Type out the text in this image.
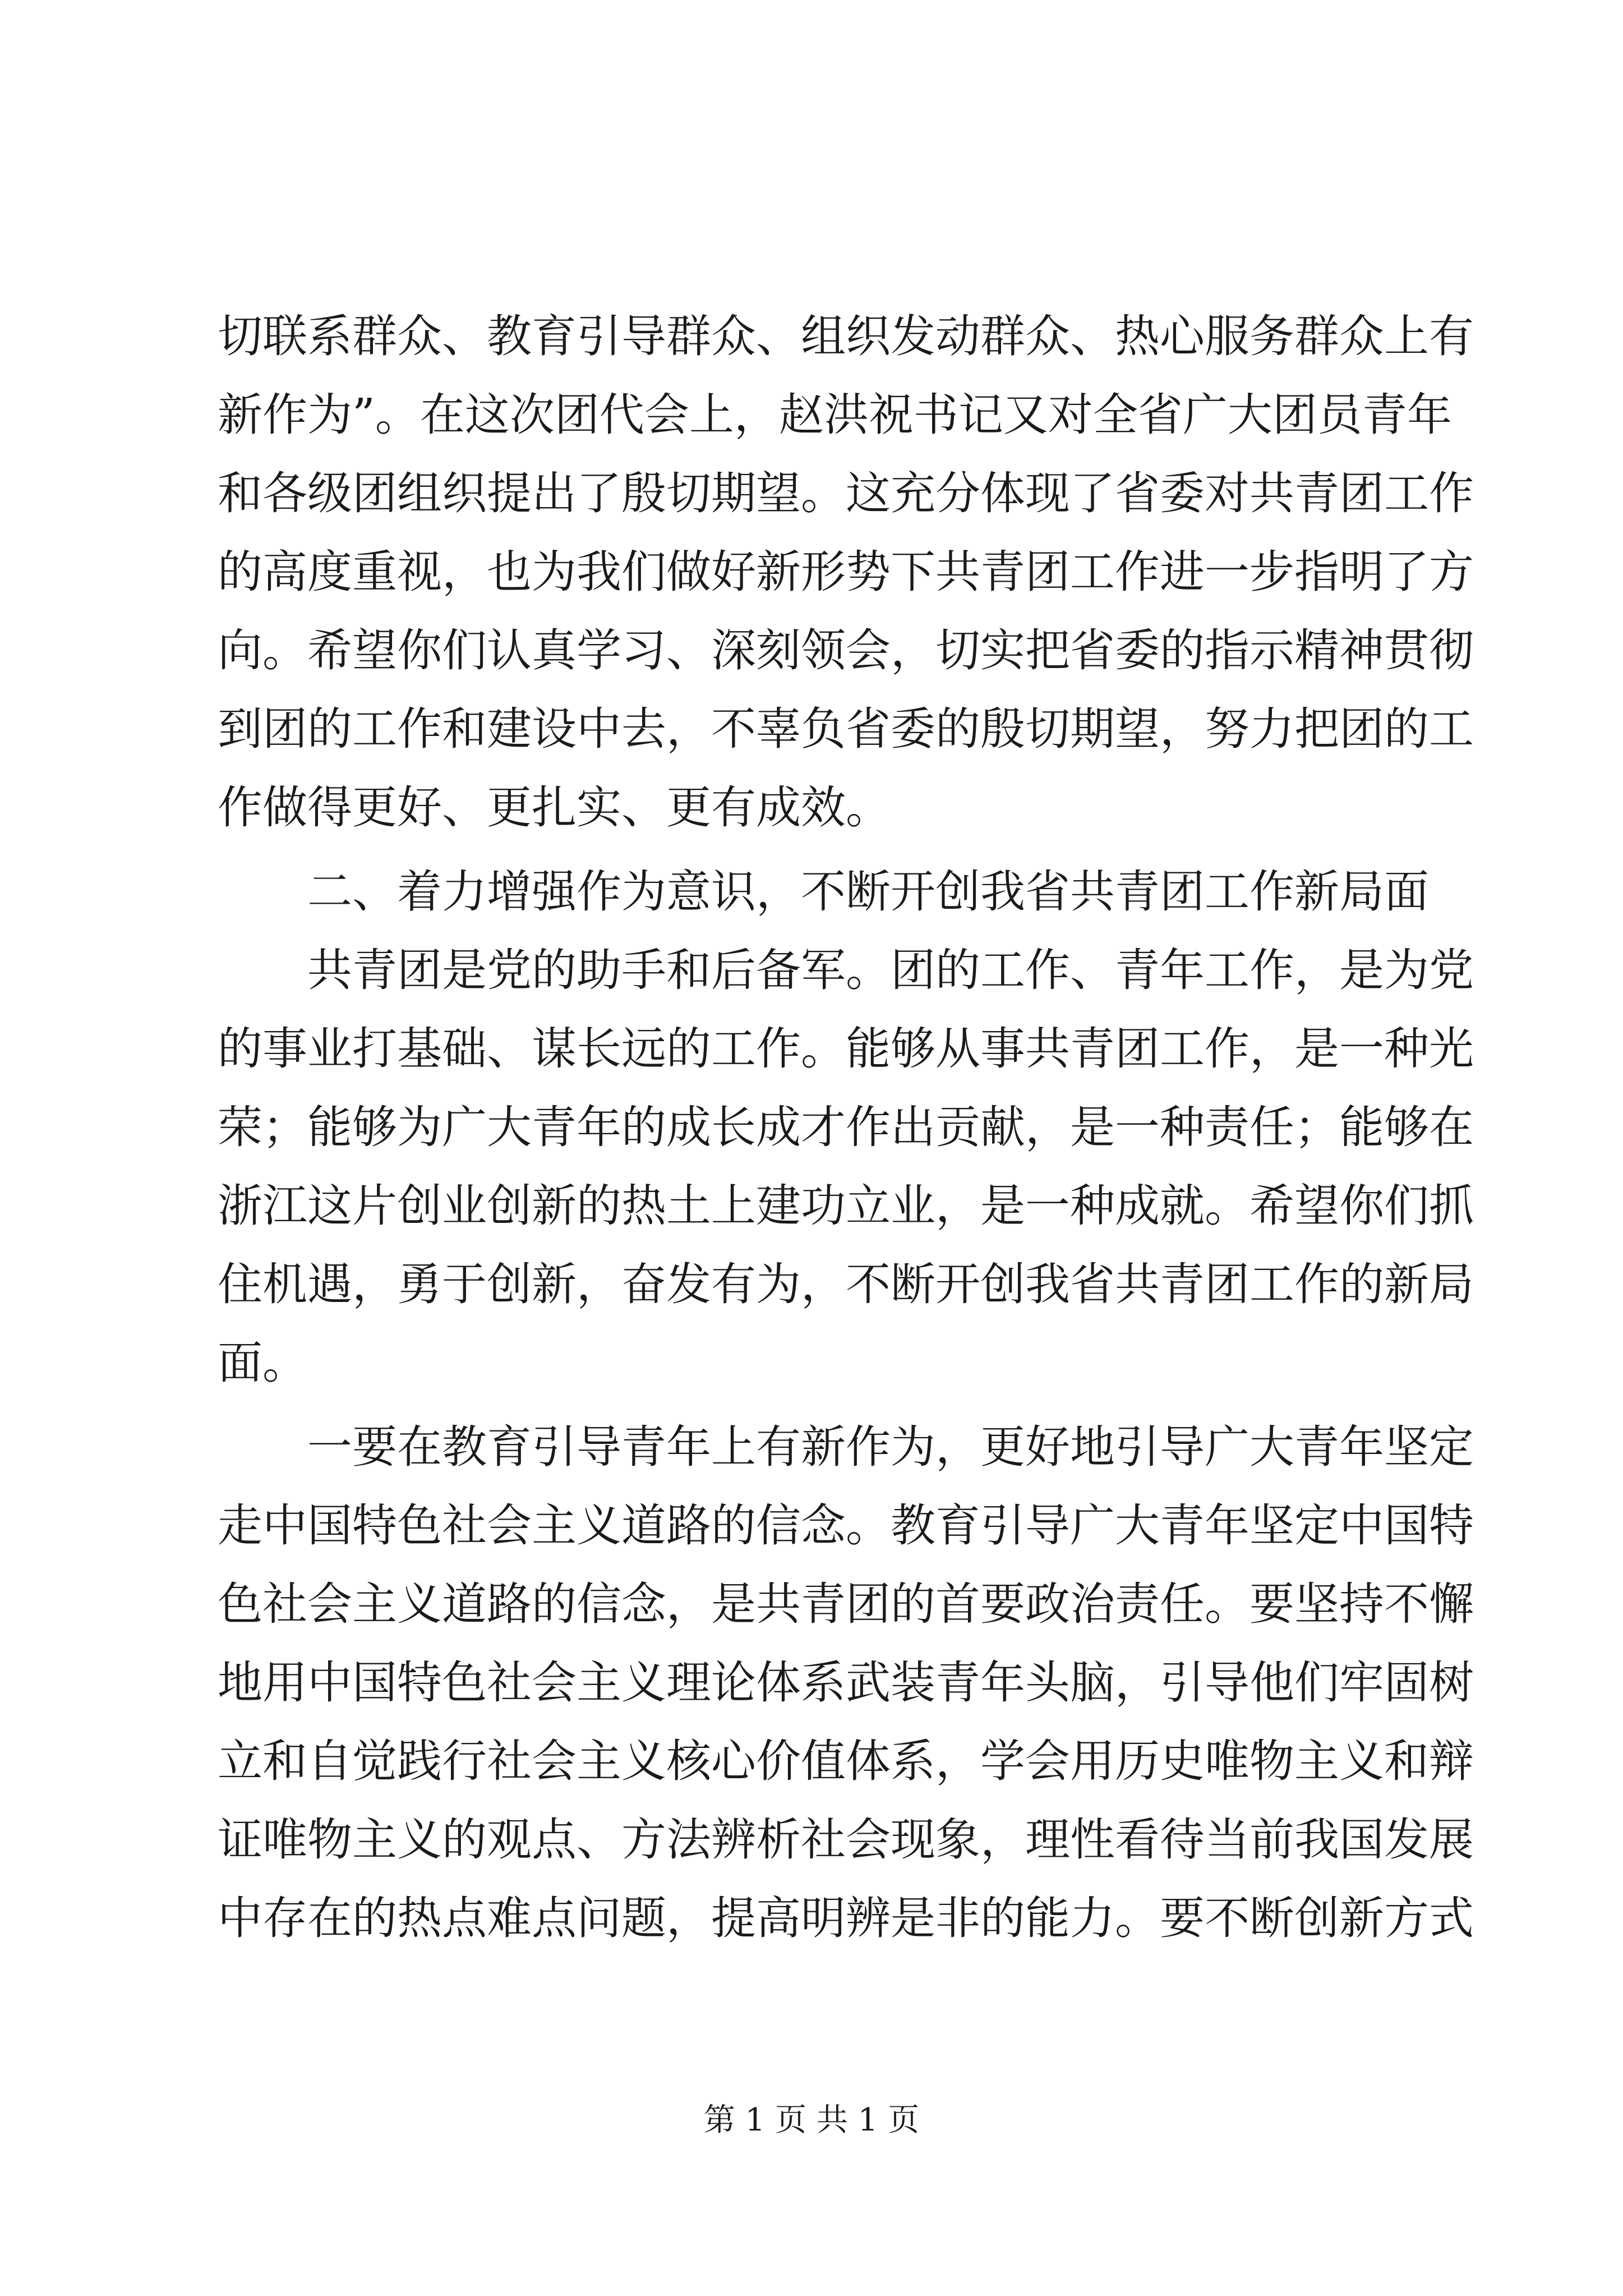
切联系群众、教育引导群众、组织发动群众、热心服务群众上有
新作为”。在这次团代会上，赵洪祝书记又对全省广大团员青年
和各级团组织提出了殷切期望。这充分体现了省委对共青团工作
的高度重视，也为我们做好新形势下共青团工作进一步指明了方
向。希望你们认真学习、深刻领会，切实把省委的指示精神贯彻
到团的工作和建设中去，不辜负省委的殷切期望，努力把团的工
作做得更好、更扎实、更有成效。
二、着力增强作为意识，不断开创我省共青团工作新局面
共青团是党的助手和后备军。团的工作、青年工作，是为党
的事业打基础、谋长远的工作。能够从事共青团工作，是一种光
荣；能够为广大青年的成长成才作出贡献，是一种责任；能够在
浙江这片创业创新的热土上建功立业，是一种成就。希望你们抓
住机遇，勇于创新，奋发有为，不断开创我省共青团工作的新局
面。
一要在教育引导青年上有新作为，更好地引导广大青年坚定
走中国特色社会主义道路的信念。教育引导广大青年坚定中国特
色社会主义道路的信念，是共青团的首要政治责任。要坚持不懈
地用中国特色社会主义理论体系武装青年头脑，引导他们牢固树
立和自觉践行社会主义核心价值体系，学会用历史唯物主义和辩
证唯物主义的观点、方法辨析社会现象，理性看待当前我国发展
中存在的热点难点问题，提高明辨是非的能力。要不断创新方式
第 1 页 共 1 页
